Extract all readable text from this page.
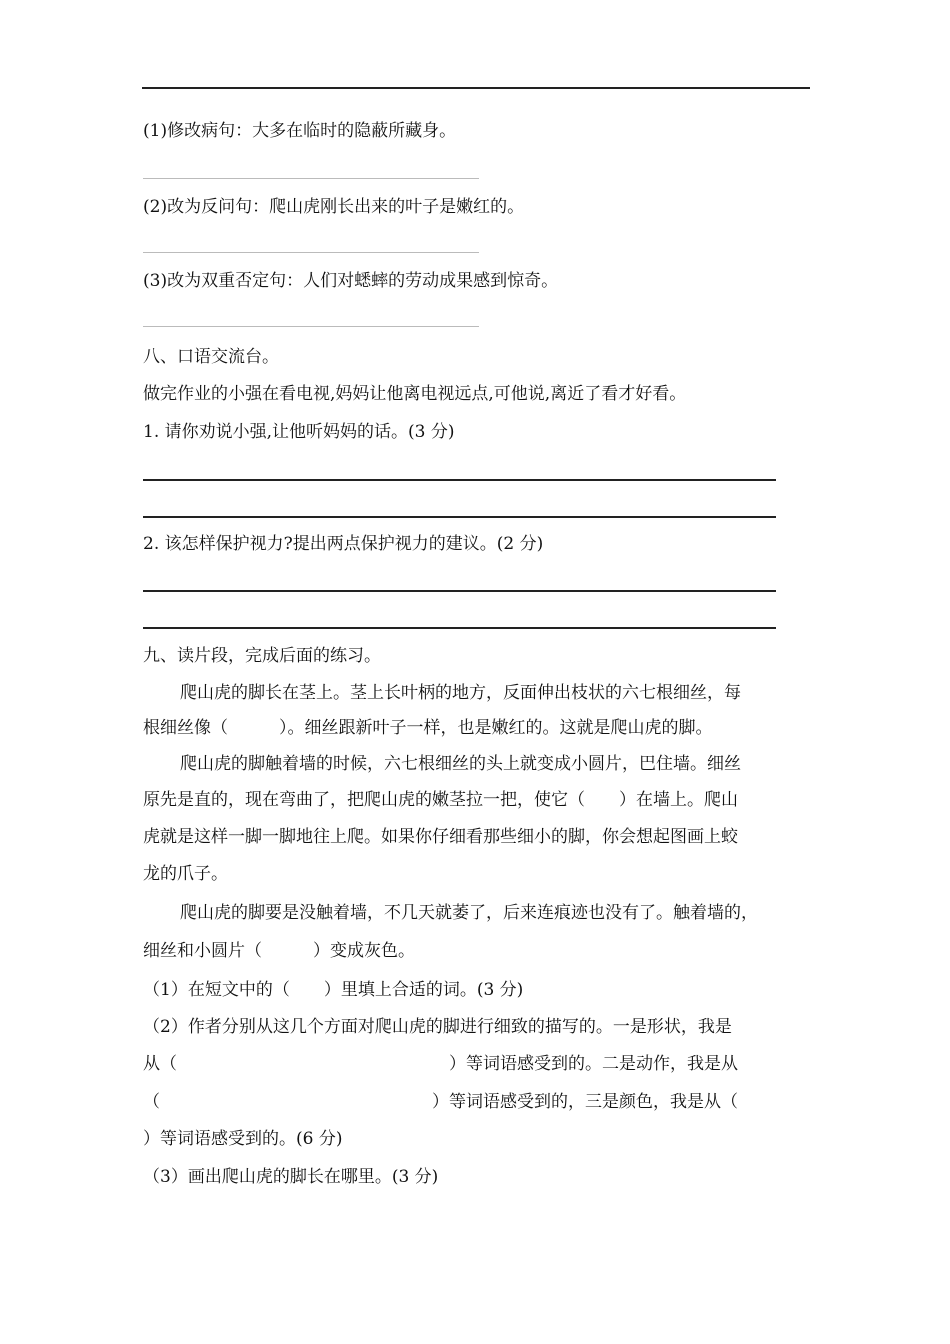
(1)修改病句：大多在临时的隐蔽所藏身。
(2)改为反问句：爬山虎刚长出来的叶子是嫩红的。
(3)改为双重否定句：人们对蟋蟀的劳动成果感到惊奇。
八、口语交流台。
做完作业的小强在看电视,妈妈让他离电视远点,可他说,离近了看才好看。
1. 请你劝说小强,让他听妈妈的话。(3 分)
2. 该怎样保护视力?提出两点保护视力的建议。(2 分)
九、读片段，完成后面的练习。
爬山虎的脚长在茎上。茎上长叶柄的地方，反面伸出枝状的六七根细丝，每
根细丝像（　　　）。细丝跟新叶子一样，也是嫩红的。这就是爬山虎的脚。
爬山虎的脚触着墙的时候，六七根细丝的头上就变成小圆片，巴住墙。细丝
原先是直的，现在弯曲了，把爬山虎的嫩茎拉一把，使它（　　）在墙上。爬山
虎就是这样一脚一脚地往上爬。如果你仔细看那些细小的脚，你会想起图画上蛟
龙的爪子。
爬山虎的脚要是没触着墙，不几天就萎了，后来连痕迹也没有了。触着墙的，
细丝和小圆片（　　　）变成灰色。
（1）在短文中的（　　）里填上合适的词。(3 分)
（2）作者分别从这几个方面对爬山虎的脚进行细致的描写的。一是形状，我是
从（　　　　　　　　　　　　　　　　）等词语感受到的。二是动作，我是从
（　　　　　　　　　　　　　　　　）等词语感受到的，三是颜色，我是从（
）等词语感受到的。(6 分)
（3）画出爬山虎的脚长在哪里。(3 分)
